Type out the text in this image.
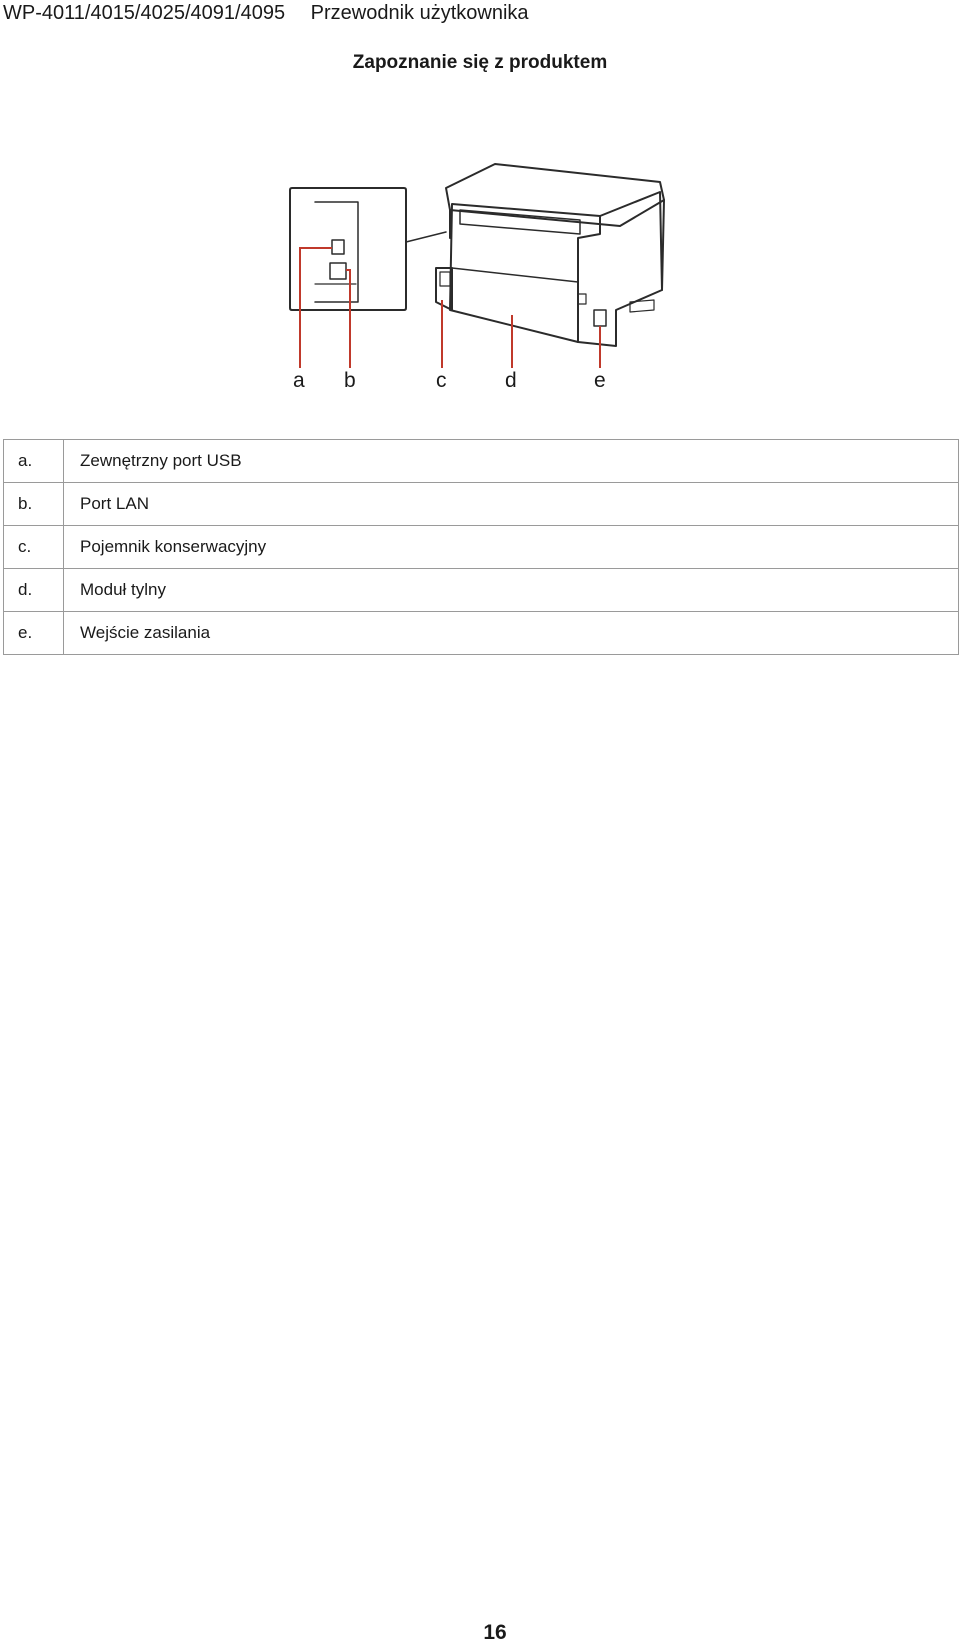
WP-4011/4015/4025/4091/4095 Przewodnik użytkownika
Zapoznanie się z produktem
a b	c	d	e
a.	Zewnętrzny port USB
b.	Port LAN
c.	Pojemnik konserwacyjny
d.	Moduł tylny
e.	Wejście zasilania
16
